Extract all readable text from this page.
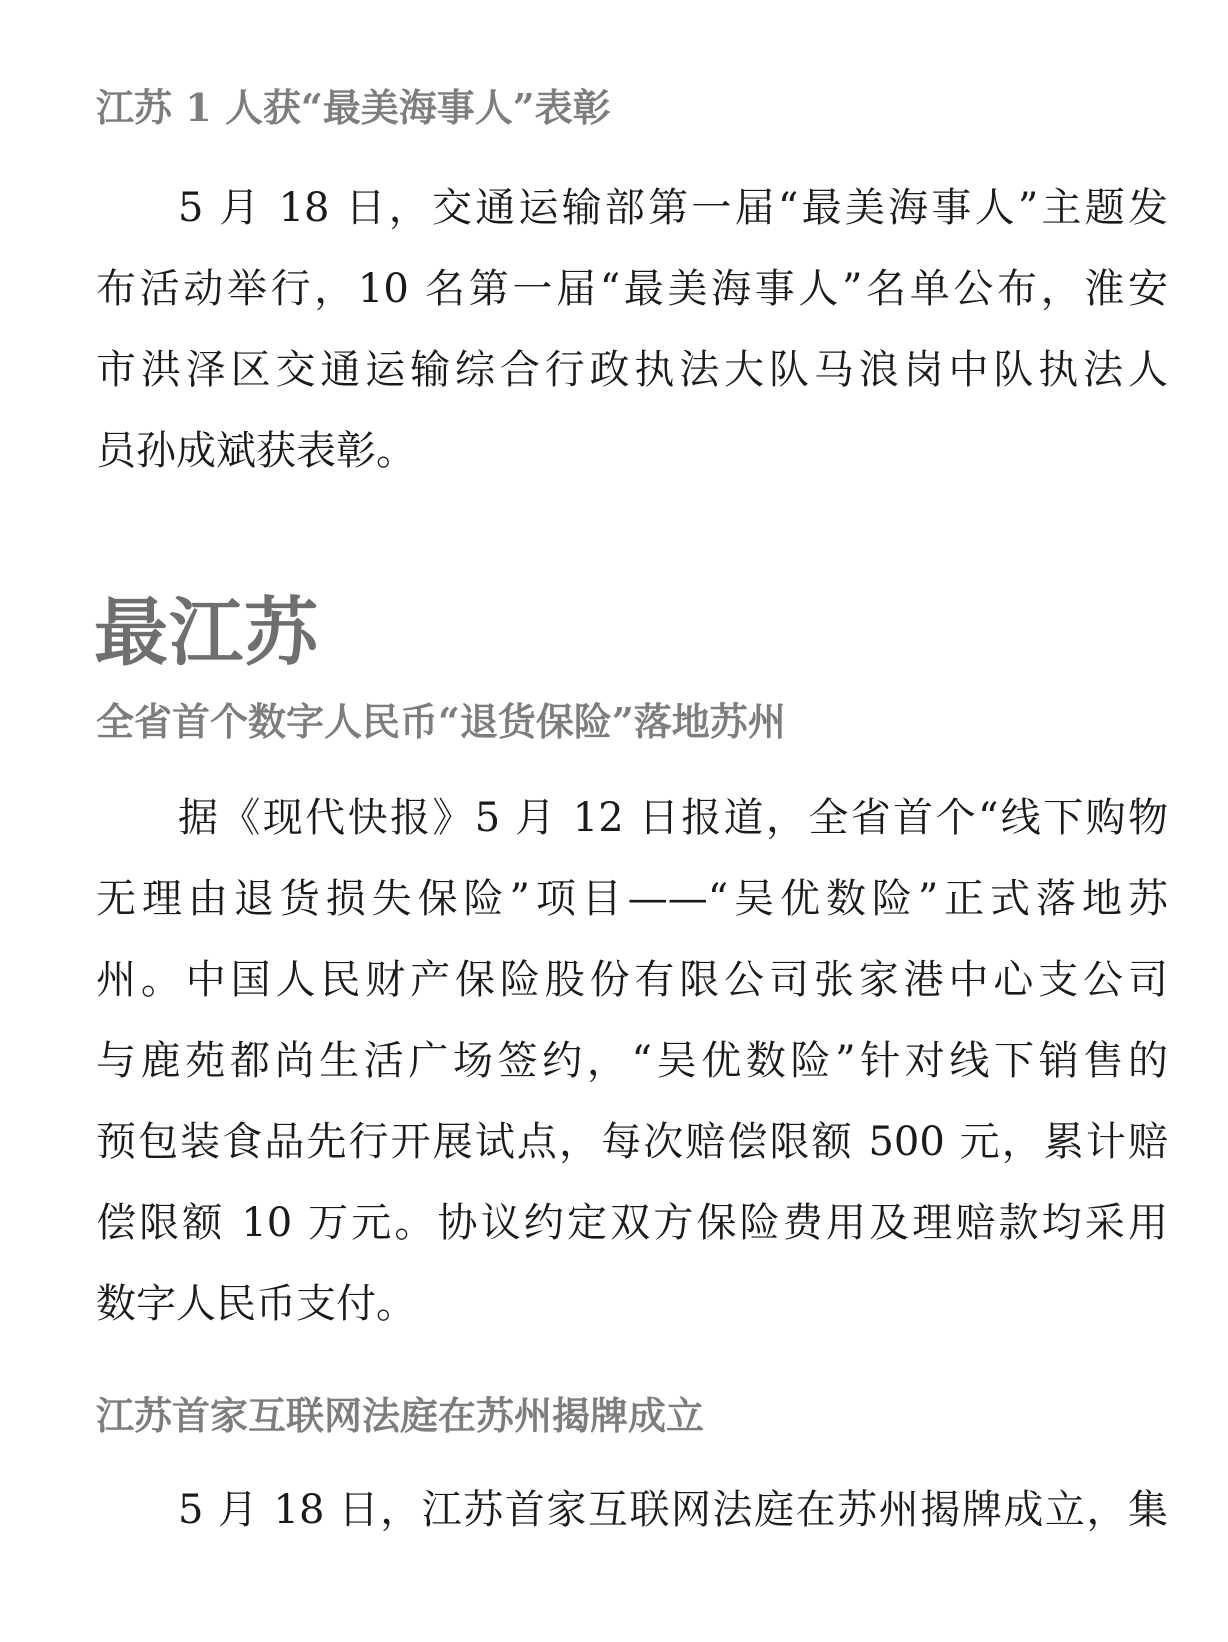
江苏 1 人获“最美海事人”表彰
5 月 18 日，交通运输部第一届“最美海事人”主题发
布活动举行，10 名第一届“最美海事人”名单公布，淮安
市洪泽区交通运输综合行政执法大队马浪岗中队执法人
员孙成斌获表彰。
最江苏
全省首个数字人民币“退货保险”落地苏州
据《现代快报》5 月 12 日报道，全省首个“线下购物
无理由退货损失保险”项目——“吴优数险”正式落地苏
州。中国人民财产保险股份有限公司张家港中心支公司
与鹿苑都尚生活广场签约，“吴优数险”针对线下销售的
预包装食品先行开展试点，每次赔偿限额 500 元，累计赔
偿限额 10 万元。协议约定双方保险费用及理赔款均采用
数字人民币支付。
江苏首家互联网法庭在苏州揭牌成立
5 月 18 日，江苏首家互联网法庭在苏州揭牌成立，集
